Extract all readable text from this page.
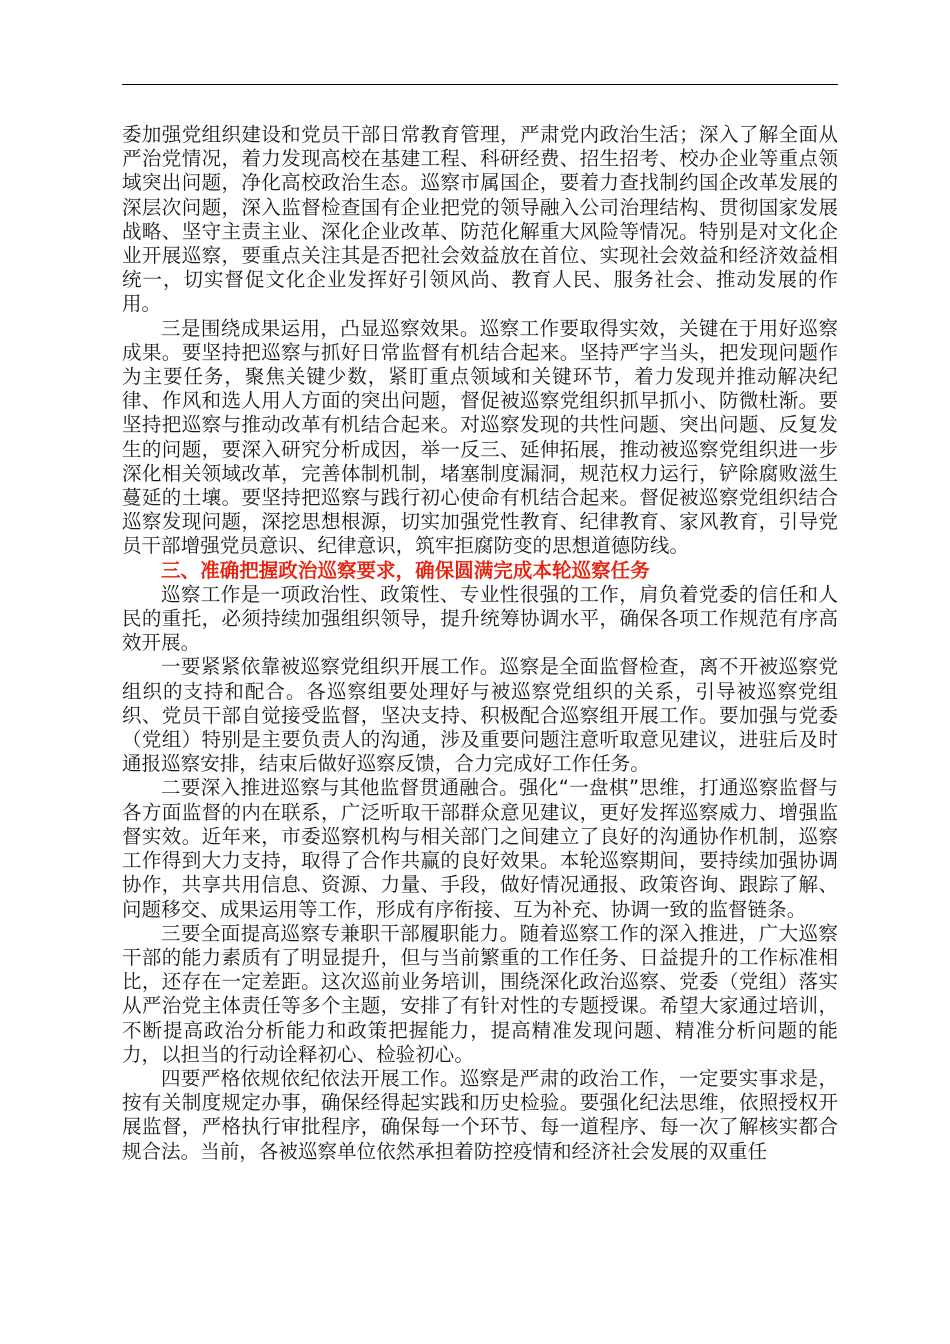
委加强党组织建设和党员干部日常教育管理，严肃党内政治生活；深入了解全面从严治党情况，着力发现高校在基建工程、科研经费、招生招考、校办企业等重点领域突出问题，净化高校政治生态。巡察市属国企，要着力查找制约国企改革发展的深层次问题，深入监督检查国有企业把党的领导融入公司治理结构、贯彻国家发展战略、坚守主责主业、深化企业改革、防范化解重大风险等情况。特别是对文化企业开展巡察，要重点关注其是否把社会效益放在首位、实现社会效益和经济效益相统一，切实督促文化企业发挥好引领风尚、教育人民、服务社会、推动发展的作用。

三是围绕成果运用，凸显巡察效果。巡察工作要取得实效，关键在于用好巡察成果。要坚持把巡察与抓好日常监督有机结合起来。坚持严字当头，把发现问题作为主要任务，聚焦关键少数，紧盯重点领域和关键环节，着力发现并推动解决纪律、作风和选人用人方面的突出问题，督促被巡察党组织抓早抓小、防微杜渐。要坚持把巡察与推动改革有机结合起来。对巡察发现的共性问题、突出问题、反复发生的问题，要深入研究分析成因，举一反三、延伸拓展，推动被巡察党组织进一步深化相关领域改革，完善体制机制，堵塞制度漏洞，规范权力运行，铲除腐败滋生蔓延的土壤。要坚持把巡察与践行初心使命有机结合起来。督促被巡察党组织结合巡察发现问题，深挖思想根源，切实加强党性教育、纪律教育、家风教育，引导党员干部增强党员意识、纪律意识，筑牢拒腐防变的思想道德防线。

三、准确把握政治巡察要求，确保圆满完成本轮巡察任务

巡察工作是一项政治性、政策性、专业性很强的工作，肩负着党委的信任和人民的重托，必须持续加强组织领导，提升统筹协调水平，确保各项工作规范有序高效开展。

一要紧紧依靠被巡察党组织开展工作。巡察是全面监督检查，离不开被巡察党组织的支持和配合。各巡察组要处理好与被巡察党组织的关系，引导被巡察党组织、党员干部自觉接受监督，坚决支持、积极配合巡察组开展工作。要加强与党委（党组）特别是主要负责人的沟通，涉及重要问题注意听取意见建议，进驻后及时通报巡察安排，结束后做好巡察反馈，合力完成好工作任务。

二要深入推进巡察与其他监督贯通融合。强化“一盘棋”思维，打通巡察监督与各方面监督的内在联系，广泛听取干部群众意见建议，更好发挥巡察威力、增强监督实效。近年来，市委巡察机构与相关部门之间建立了良好的沟通协作机制，巡察工作得到大力支持，取得了合作共赢的良好效果。本轮巡察期间，要持续加强协调协作，共享共用信息、资源、力量、手段，做好情况通报、政策咨询、跟踪了解、问题移交、成果运用等工作，形成有序衔接、互为补充、协调一致的监督链条。

三要全面提高巡察专兼职干部履职能力。随着巡察工作的深入推进，广大巡察干部的能力素质有了明显提升，但与当前繁重的工作任务、日益提升的工作标准相比，还存在一定差距。这次巡前业务培训，围绕深化政治巡察、党委（党组）落实从严治党主体责任等多个主题，安排了有针对性的专题授课。希望大家通过培训，不断提高政治分析能力和政策把握能力，提高精准发现问题、精准分析问题的能力，以担当的行动诠释初心、检验初心。

四要严格依规依纪依法开展工作。巡察是严肃的政治工作，一定要实事求是，按有关制度规定办事，确保经得起实践和历史检验。要强化纪法思维，依照授权开展监督，严格执行审批程序，确保每一个环节、每一道程序、每一次了解核实都合规合法。当前，各被巡察单位依然承担着防控疫情和经济社会发展的双重任
